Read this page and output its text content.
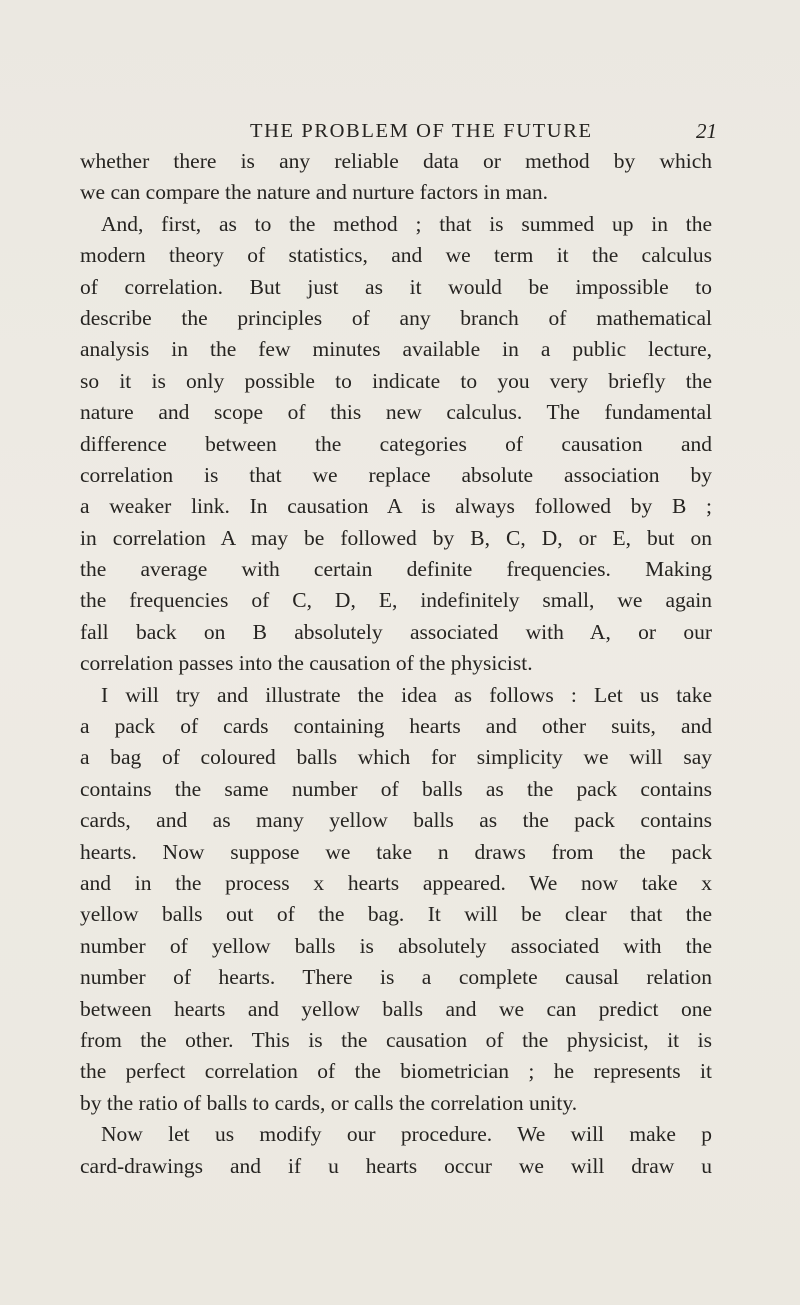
THE PROBLEM OF THE FUTURE	21
whether there is any reliable data or method by which
we can compare the nature and nurture factors in man.
And, first, as to the method ; that is summed up in the
modern theory of statistics, and we term it the calculus
of correlation. But just as it would be impossible to
describe the principles of any branch of mathematical
analysis in the few minutes available in a public lecture,
so it is only possible to indicate to you very briefly the
nature and scope of this new calculus. The fundamental
difference between the categories of causation and
correlation is that we replace absolute association by
a weaker link. In causation A is always followed by B ;
in correlation A may be followed by B, C, D, or E, but on
the average with certain definite frequencies. Making
the frequencies of C, D, E, indefinitely small, we again
fall back on B absolutely associated with A, or our
correlation passes into the causation of the physicist.
I will try and illustrate the idea as follows : Let us take
a pack of cards containing hearts and other suits, and
a bag of coloured balls which for simplicity we will say
contains the same number of balls as the pack contains
cards, and as many yellow balls as the pack contains
hearts. Now suppose we take n draws from the pack
and in the process x hearts appeared. We now take x
yellow balls out of the bag. It will be clear that the
number of yellow balls is absolutely associated with the
number of hearts. There is a complete causal relation
between hearts and yellow balls and we can predict one
from the other. This is the causation of the physicist, it is
the perfect correlation of the biometrician ; he represents it
by the ratio of balls to cards, or calls the correlation unity.
Now let us modify our procedure. We will make p
card-drawings and if u hearts occur we will draw u
